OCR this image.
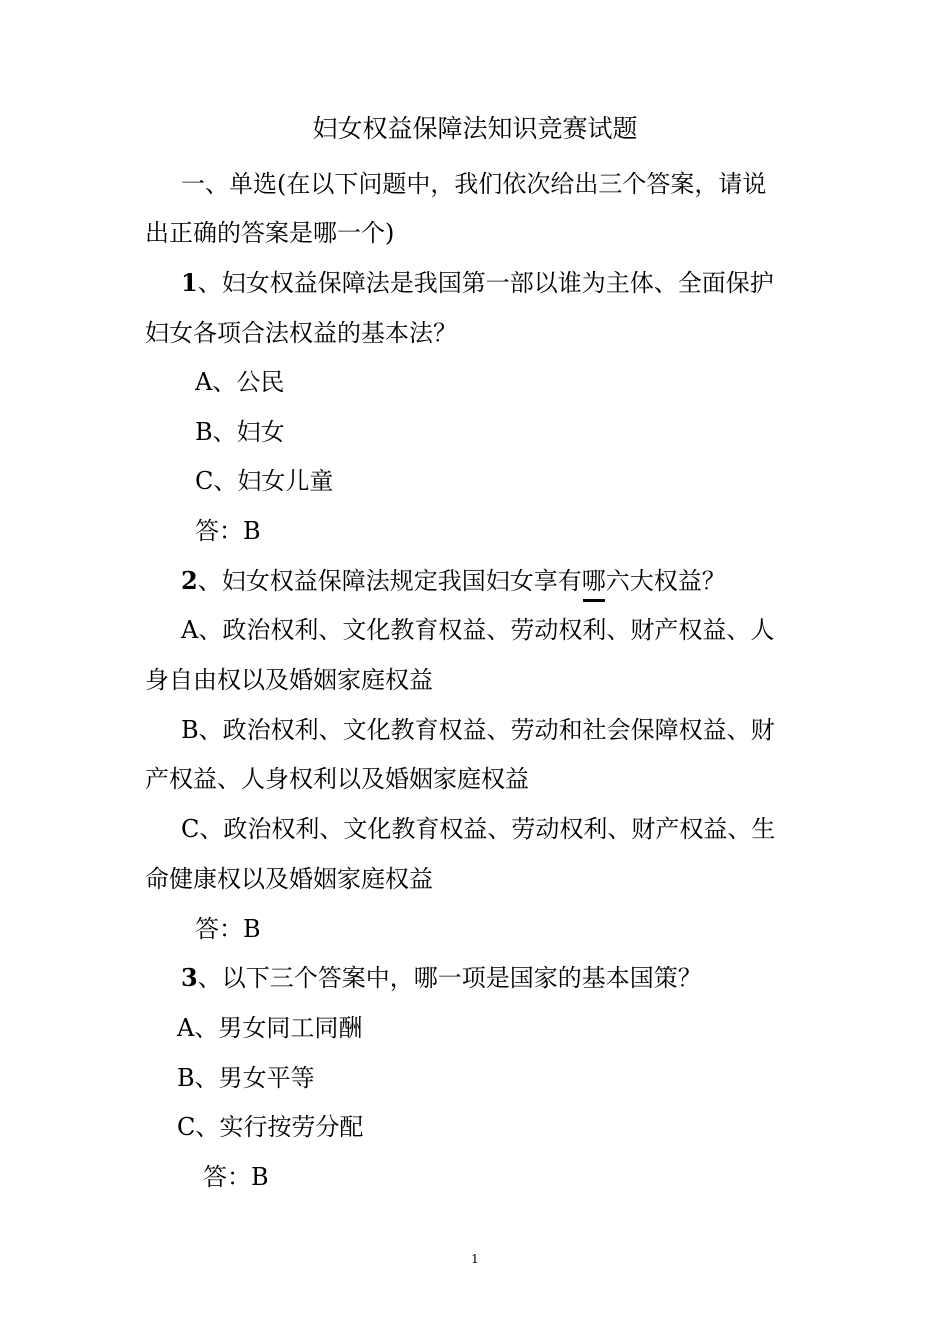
妇女权益保障法知识竞赛试题
一、单选(在以下问题中，我们依次给出三个答案，请说
出正确的答案是哪一个)
1、妇女权益保障法是我国第一部以谁为主体、全面保护
妇女各项合法权益的基本法？
A、公民
B、妇女
C、妇女儿童
答：B
2、妇女权益保障法规定我国妇女享有哪六大权益？
A、政治权利、文化教育权益、劳动权利、财产权益、人
身自由权以及婚姻家庭权益
B、政治权利、文化教育权益、劳动和社会保障权益、财
产权益、人身权利以及婚姻家庭权益
C、政治权利、文化教育权益、劳动权利、财产权益、生
命健康权以及婚姻家庭权益
答：B
3、以下三个答案中，哪一项是国家的基本国策？
A、男女同工同酬
B、男女平等
C、实行按劳分配
答：B
1
